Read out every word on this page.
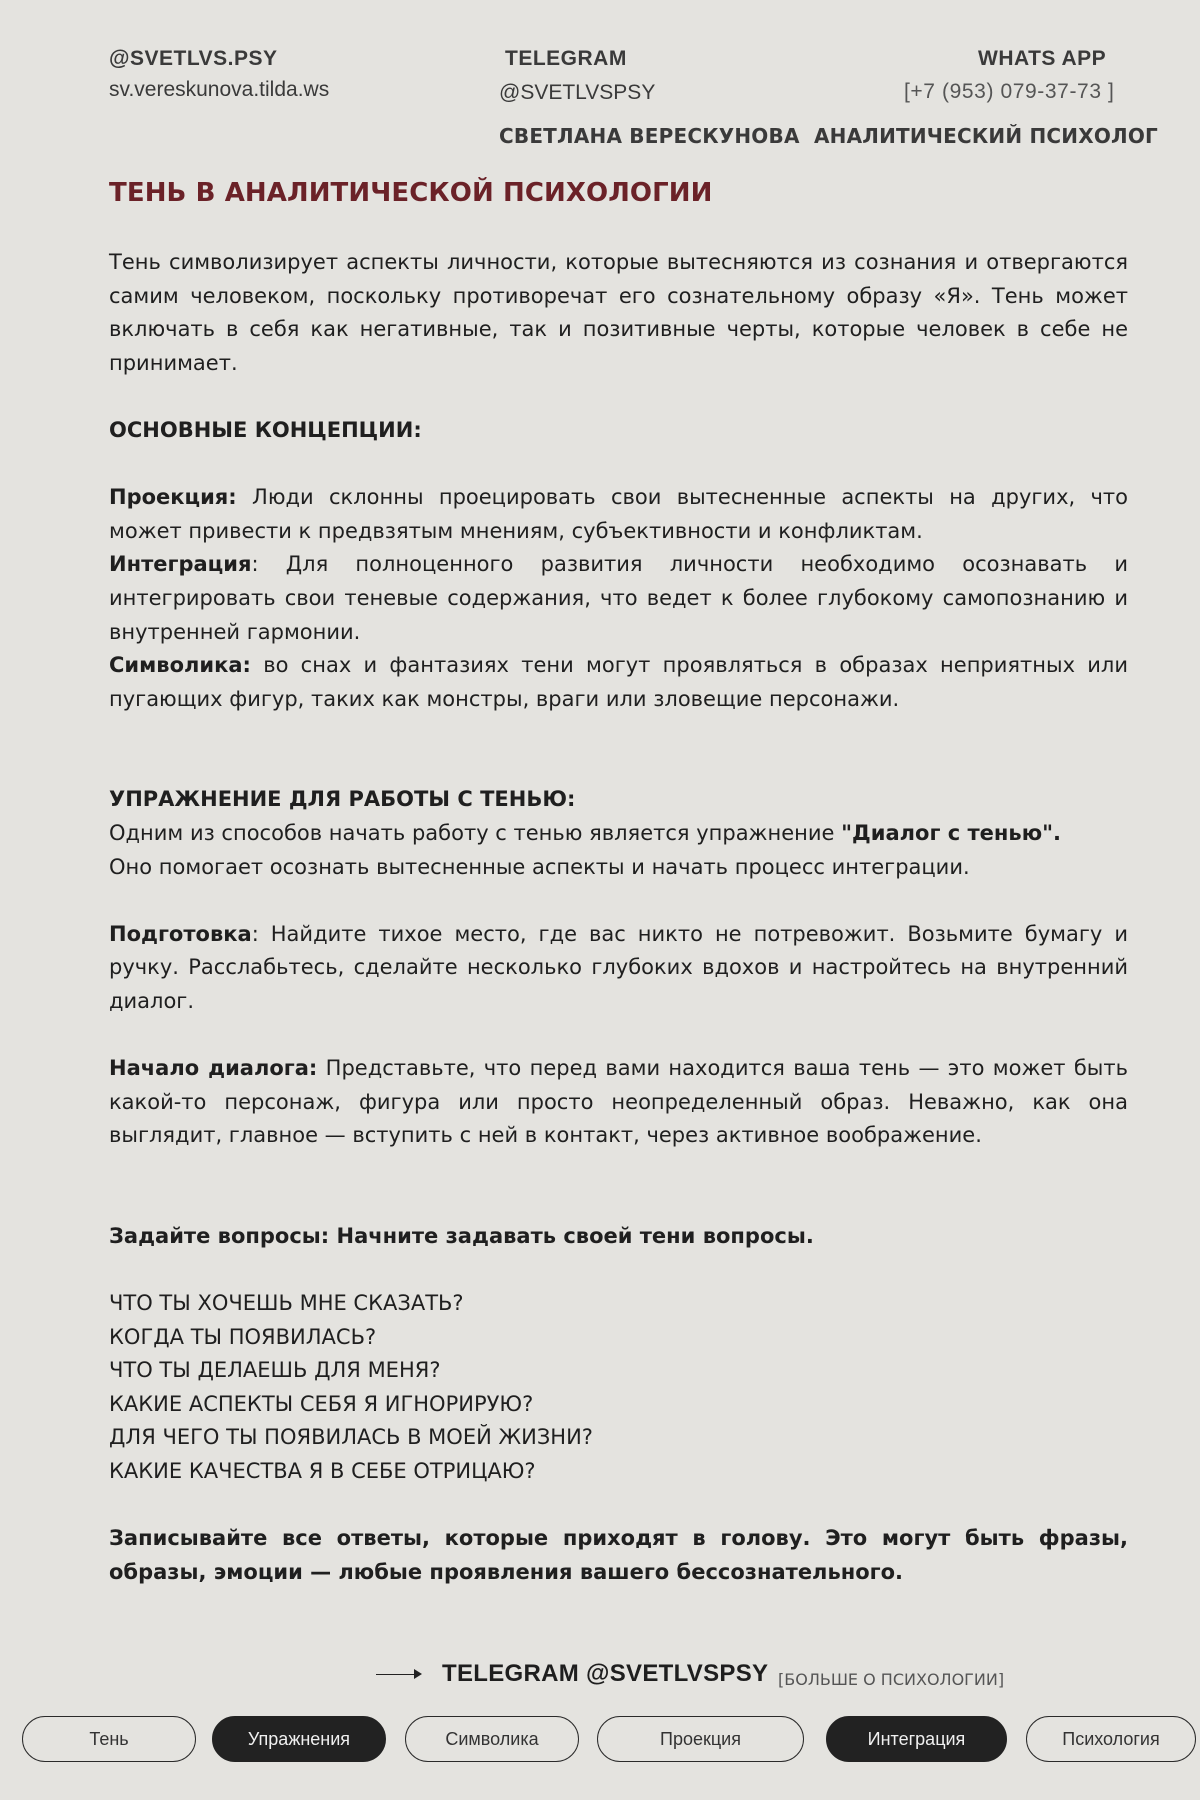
@SVETLVS.PSY
sv.vereskunova.tilda.ws
TELEGRAM
@SVETLVSPSY
WHATS APP
[+7 (953) 079-37-73 ]
СВЕТЛАНА ВЕРЕСКУНОВА  АНАЛИТИЧЕСКИЙ ПСИХОЛОГ
ТЕНЬ В АНАЛИТИЧЕСКОЙ ПСИХОЛОГИИ

Тень символизирует аспекты личности, которые вытесняются из сознания и отвергаются самим человеком, поскольку противоречат его сознательному образу «Я». Тень может включать в себя как негативные, так и позитивные черты, которые человек в себе не принимает.

ОСНОВНЫЕ КОНЦЕПЦИИ:

Проекция: Люди склонны проецировать свои вытесненные аспекты на других, что может привести к предвзятым мнениям, субъективности и конфликтам.

Интеграция: Для полноценного развития личности необходимо осознавать и интегрировать свои теневые содержания, что ведет к более глубокому самопознанию и внутренней гармонии.

Символика: во снах и фантазиях тени могут проявляться в образах неприятных или пугающих фигур, таких как монстры, враги или зловещие персонажи.

УПРАЖНЕНИЕ ДЛЯ РАБОТЫ С ТЕНЬЮ:

Одним из способов начать работу с тенью является упражнение "Диалог с тенью".

Оно помогает осознать вытесненные аспекты и начать процесс интеграции.

Подготовка: Найдите тихое место, где вас никто не потревожит. Возьмите бумагу и ручку. Расслабьтесь, сделайте несколько глубоких вдохов и настройтесь на внутренний диалог.

Начало диалога: Представьте, что перед вами находится ваша тень — это может быть какой-то персонаж, фигура или просто неопределенный образ. Неважно, как она выглядит, главное — вступить с ней в контакт, через активное воображение.

Задайте вопросы: Начните задавать своей тени вопросы.

ЧТО ТЫ ХОЧЕШЬ МНЕ СКАЗАТЬ?
КОГДА ТЫ ПОЯВИЛАСЬ?
ЧТО ТЫ ДЕЛАЕШЬ ДЛЯ МЕНЯ?
КАКИЕ АСПЕКТЫ СЕБЯ Я ИГНОРИРУЮ?
ДЛЯ ЧЕГО ТЫ ПОЯВИЛАСЬ В МОЕЙ ЖИЗНИ?
КАКИЕ КАЧЕСТВА Я В СЕБЕ ОТРИЦАЮ?

Записывайте все ответы, которые приходят в голову. Это могут быть фразы, образы, эмоции — любые проявления вашего бессознательного.

TELEGRAM @SVETLVSPSY [БОЛЬШЕ О ПСИХОЛОГИИ]
Тень	Упражнения	Символика	Проекция	Интеграция	Психология
